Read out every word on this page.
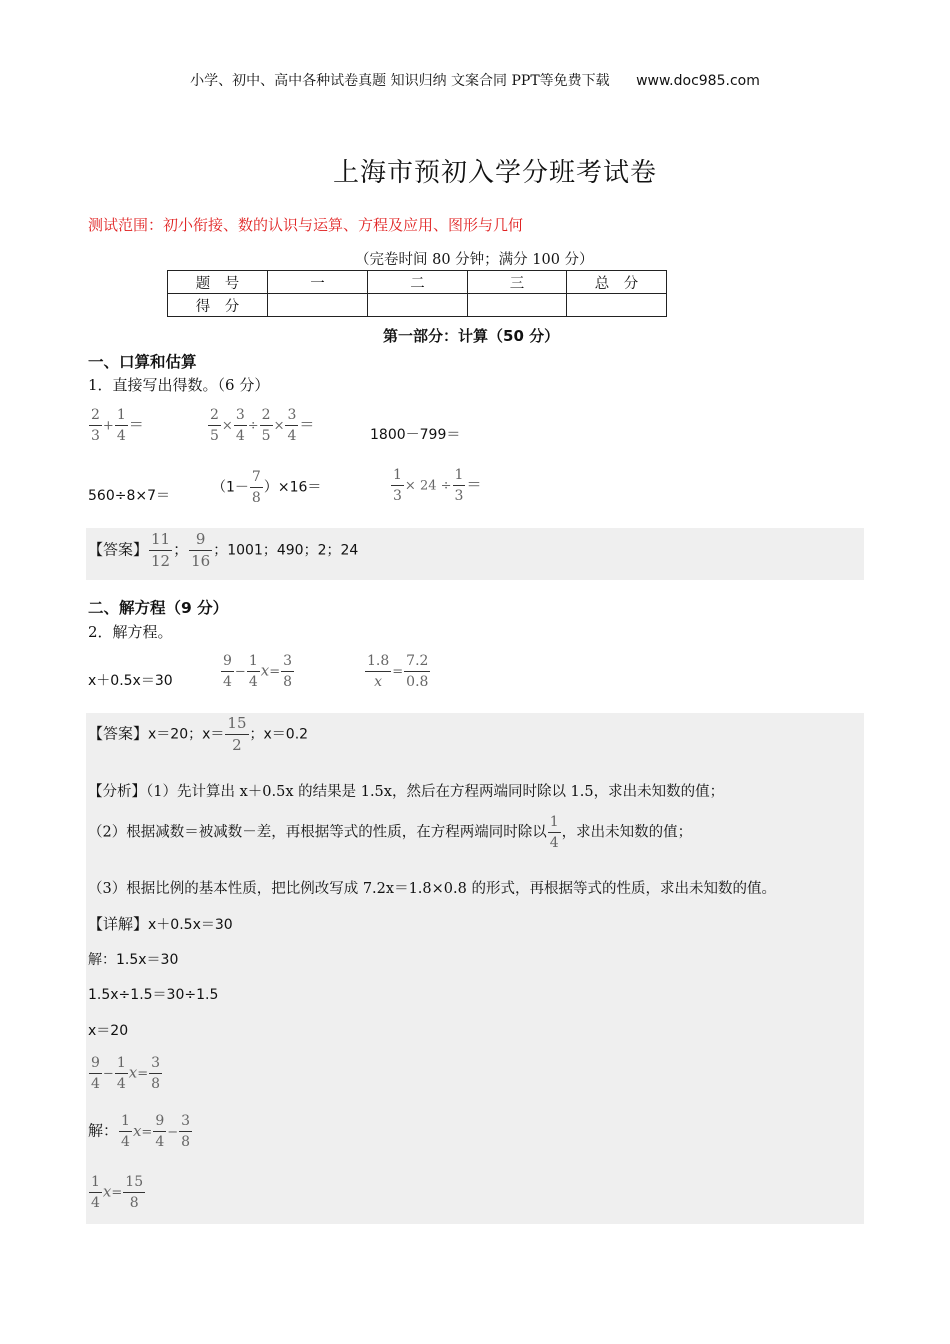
小学、初中、高中各种试卷真题 知识归纳 文案合同 PPT等免费下载 www.doc985.com
上海市预初入学分班考试卷
测试范围：初小衔接、数的认识与运算、方程及应用、图形与几何
（完卷时间 80 分钟；满分 100 分）
题　号	一	二	三	总　分
得　分				
第一部分：计算（50 分）
一、口算和估算
1．直接写出得数。（6 分）
$\frac{2}{3} + \frac{1}{4}$ ＝	$\frac{2}{5} \times \frac{3}{4} \div \frac{2}{5} \times \frac{3}{4}$ ＝
1800－799＝
560÷8×7＝
$(1- \frac{7}{8} )\times 16=$	$\frac{1}{3} \times 24 \div \frac{1}{3}$ ＝
【答案】 $\frac{11}{12}$ ； $\frac{9}{16}$ ；1001；490；2；24
二、解方程（9 分）
2．解方程。
x＋0.5x＝30	$\frac{9}{4} - \frac{1}{4} x= \frac{3}{8}$	$\frac{1.8}{x} = \frac{7.2}{0.8}$
【答案】x＝20；$x= \frac{15}{2}$ ；x＝0.2
【分析】（1）先计算出 x＋0.5x 的结果是 1.5x，然后在方程两端同时除以 1.5，求出未知数的值；
（2）根据减数＝被减数－差，再根据等式的性质，在方程两端同时除以 $\frac{1}{4}$ ，求出未知数的值；
（3）根据比例的基本性质，把比例改写成 7.2x＝1.8×0.8 的形式，再根据等式的性质，求出未知数的值。
【详解】x＋0.5x＝30
解：1.5x＝30
1.5x÷1.5＝30÷1.5
x＝20
$\frac{9}{4} - \frac{1}{4} x= \frac{3}{8}$
解： $\frac{1}{4} x= \frac{9}{4} - \frac{3}{8}$
$\frac{1}{4} x= \frac{15}{8}$
